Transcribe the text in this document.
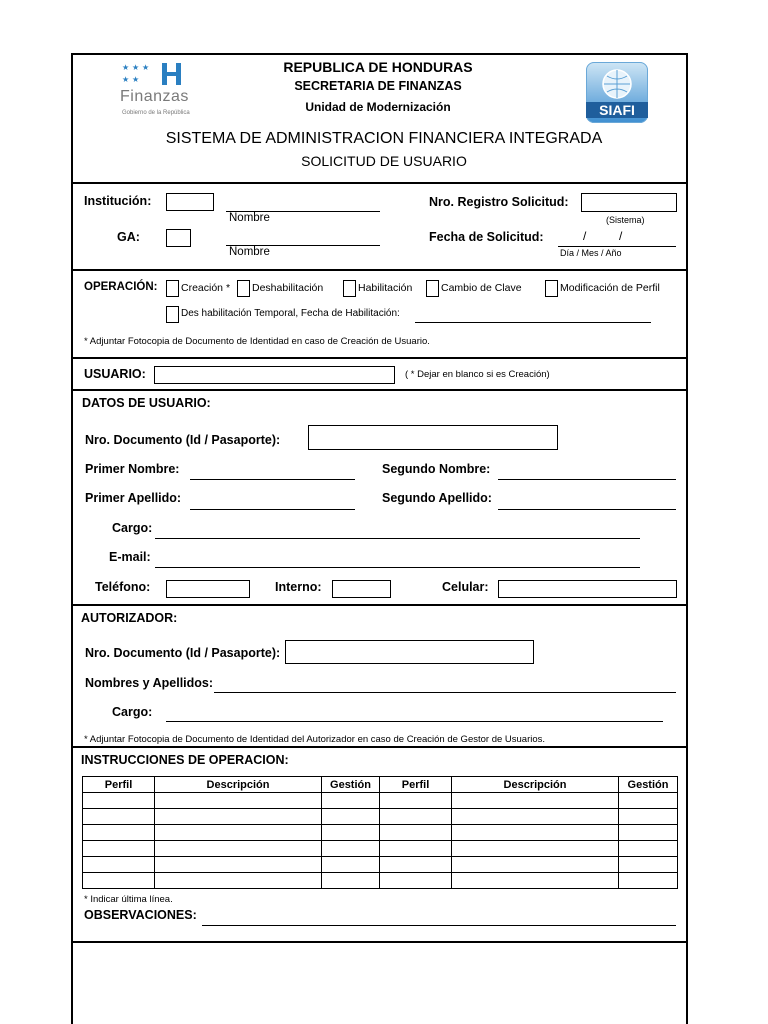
★ ★ ★
★ ★
Finanzas
Gobierno de la República
REPUBLICA DE HONDURAS
SECRETARIA DE FINANZAS
Unidad de Modernización	SIAFI
SISTEMA DE ADMINISTRACION FINANCIERA INTEGRADA
SOLICITUD DE USUARIO
Institución:
Nombre
GA:
Nombre
Nro. Registro Solicitud:
(Sistema)
Fecha de Solicitud:	/	/
Día / Mes / Año
OPERACIÓN: Creación * Deshabilitación	Habilitación	Cambio de Clave	Modificación de Perfil
Des habilitación Temporal, Fecha de Habilitación:
* Adjuntar Fotocopia de Documento de Identidad en caso de Creación de Usuario.
USUARIO:	( * Dejar en blanco si es Creación)
DATOS DE USUARIO:
Nro. Documento (Id / Pasaporte):
Primer Nombre:	Segundo Nombre:
Primer Apellido:	Segundo Apellido:
Cargo:
E-mail:
Teléfono:	Interno:	Celular:
AUTORIZADOR:
Nro. Documento (Id / Pasaporte):
Nombres y Apellidos:
Cargo:
* Adjuntar Fotocopia de Documento de Identidad del Autorizador en caso de Creación de Gestor de Usuarios.
INSTRUCCIONES DE OPERACION:
Perfil	Descripción	Gestión	Perfil	Descripción	Gestión

* Indicar última línea.
OBSERVACIONES:
